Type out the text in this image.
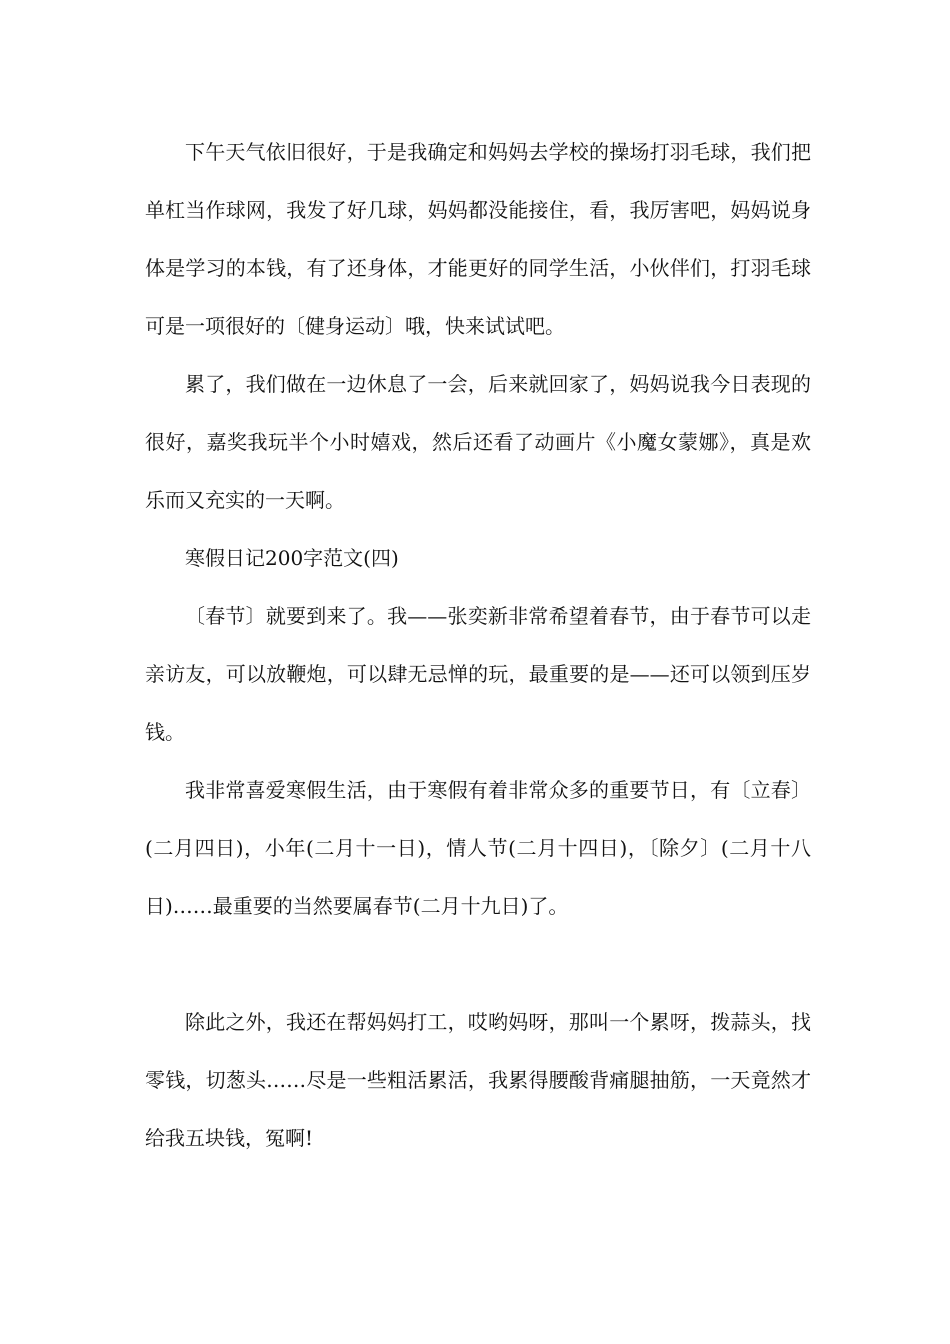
下午天气依旧很好，于是我确定和妈妈去学校的操场打羽毛球，我们把单杠当作球网，我发了好几球，妈妈都没能接住，看，我厉害吧，妈妈说身体是学习的本钱，有了还身体，才能更好的同学生活，小伙伴们，打羽毛球可是一项很好的〔健身运动〕哦，快来试试吧。

累了，我们做在一边休息了一会，后来就回家了，妈妈说我今日表现的很好，嘉奖我玩半个小时嬉戏，然后还看了动画片《小魔女蒙娜》，真是欢乐而又充实的一天啊。

寒假日记200字范文(四)

〔春节〕就要到来了。我——张奕新非常希望着春节，由于春节可以走亲访友，可以放鞭炮，可以肆无忌惮的玩，最重要的是——还可以领到压岁钱。

我非常喜爱寒假生活，由于寒假有着非常众多的重要节日，有〔立春〕(二月四日)，小年(二月十一日)，情人节(二月十四日)，〔除夕〕(二月十八日)……最重要的当然要属春节(二月十九日)了。

除此之外，我还在帮妈妈打工，哎哟妈呀，那叫一个累呀，拨蒜头，找零钱，切葱头……尽是一些粗活累活，我累得腰酸背痛腿抽筋，一天竟然才给我五块钱，冤啊!
